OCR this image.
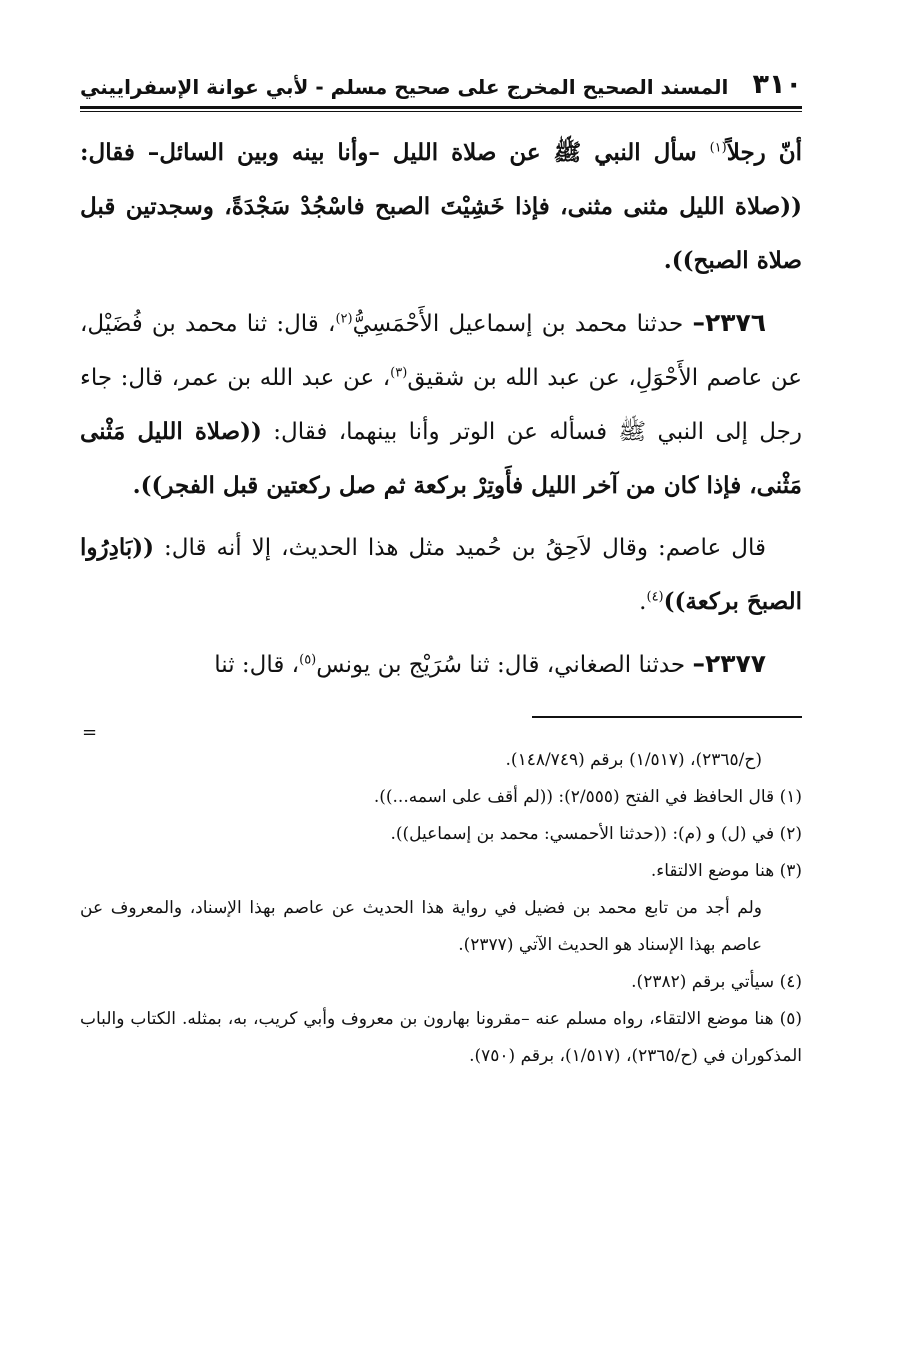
٣١٠
المسند الصحيح المخرج على صحيح مسلم - لأبي عوانة الإسفراييني

أنّ رجلاً$^{(١)}$ سأل النبي ﷺ عن صلاة الليل –وأنا بينه وبين السائل– فقال: ((صلاة الليل مثنى مثنى، فإذا خَشِيْتَ الصبح فاسْجُدْ سَجْدَةً، وسجدتين قبل صلاة الصبح)).

٢٣٧٦– حدثنا محمد بن إسماعيل الأَحْمَسِيُّ$^{(٢)}$، قال: ثنا محمد بن فُضَيْل، عن عاصم الأَحْوَلِ، عن عبد الله بن شقيق$^{(٣)}$، عن عبد الله بن عمر، قال: جاء رجل إلى النبي ﷺ فسأله عن الوتر وأنا بينهما، فقال: ((صلاة الليل مَثْنى مَثْنى، فإذا كان من آخر الليل فأَوتِرْ بركعة ثم صل ركعتين قبل الفجر)).

قال عاصم: وقال لاَحِقُ بن حُميد مثل هذا الحديث، إلا أنه قال: ((بَادِرُوا الصبحَ بركعة))$^{(٤)}$.

٢٣٧٧– حدثنا الصغاني، قال: ثنا سُرَيْج بن يونس$^{(٥)}$، قال: ثنا

=

(ح/٢٣٦٥)، (١/٥١٧) برقم (١٤٨/٧٤٩).

(١) قال الحافظ في الفتح (٢/٥٥٥): ((لم أقف على اسمه...)).

(٢) في (ل) و (م): ((حدثنا الأحمسي: محمد بن إسماعيل)).

(٣) هنا موضع الالتقاء.

ولم أجد من تابع محمد بن فضيل في رواية هذا الحديث عن عاصم بهذا الإسناد، والمعروف عن عاصم بهذا الإسناد هو الحديث الآتي (٢٣٧٧).

(٤) سيأتي برقم (٢٣٨٢).

(٥) هنا موضع الالتقاء، رواه مسلم عنه –مقرونا بهارون بن معروف وأبي كريب، به، بمثله. الكتاب والباب المذكوران في (ح/٢٣٦٥)، (١/٥١٧)، برقم (٧٥٠).
